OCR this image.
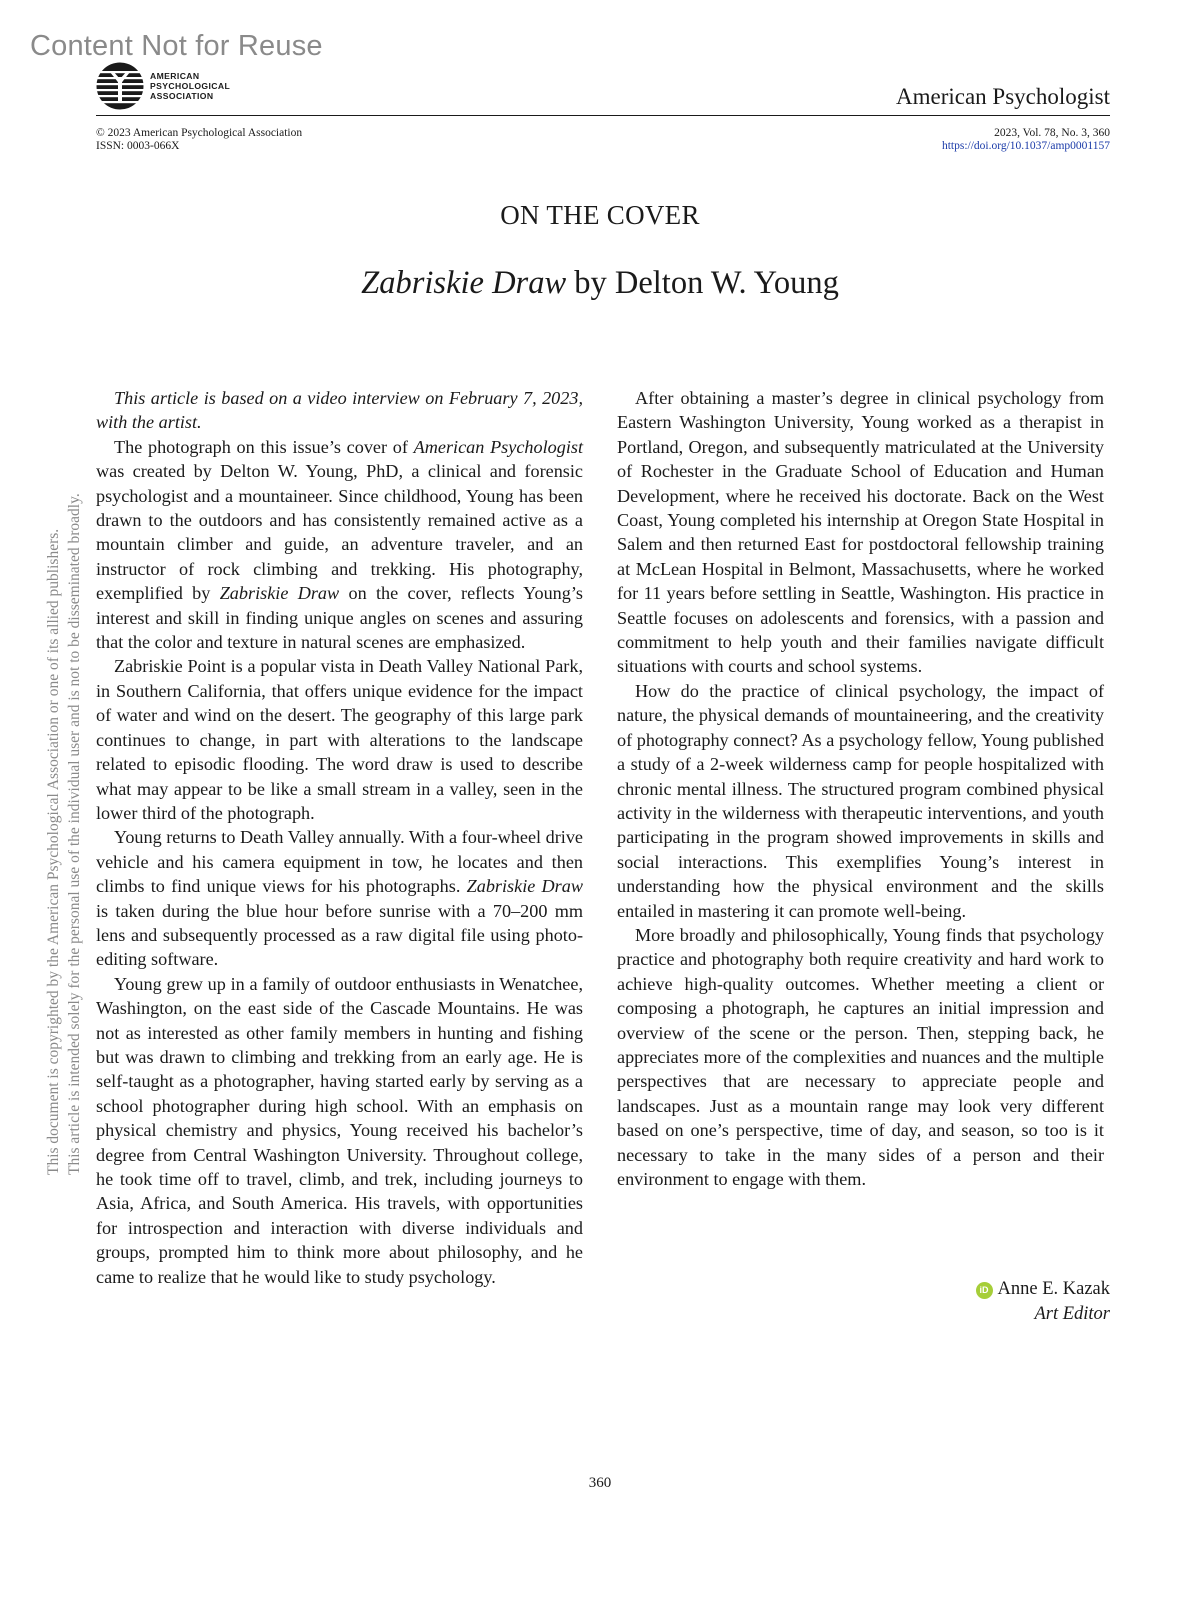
Content Not for Reuse
This document is copyrighted by the American Psychological Association or one of its allied publishers. This article is intended solely for the personal use of the individual user and is not to be disseminated broadly.
AMERICAN
PSYCHOLOGICAL
ASSOCIATION	American Psychologist
© 2023 American Psychological Association
ISSN: 0003-066X
2023, Vol. 78, No. 3, 360
https://doi.org/10.1037/amp0001157
ON THE COVER
Zabriskie Draw by Delton W. Young

This article is based on a video interview on February 7, 2023, with the artist.

The photograph on this issue’s cover of American Psychologist was created by Delton W. Young, PhD, a clinical and forensic psychologist and a mountaineer. Since childhood, Young has been drawn to the outdoors and has consistently remained active as a mountain climber and guide, an adventure traveler, and an instructor of rock climbing and trekking. His photography, exemplified by Zabriskie Draw on the cover, reflects Young’s interest and skill in finding unique angles on scenes and assuring that the color and texture in natural scenes are emphasized.

Zabriskie Point is a popular vista in Death Valley National Park, in Southern California, that offers unique evidence for the impact of water and wind on the desert. The geography of this large park continues to change, in part with alterations to the landscape related to episodic flooding. The word draw is used to describe what may appear to be like a small stream in a valley, seen in the lower third of the photograph.

Young returns to Death Valley annually. With a four-wheel drive vehicle and his camera equipment in tow, he locates and then climbs to find unique views for his photographs. Zabriskie Draw is taken during the blue hour before sunrise with a 70–200 mm lens and subsequently processed as a raw digital file using photo-editing software.

Young grew up in a family of outdoor enthusiasts in Wenatchee, Washington, on the east side of the Cascade Mountains. He was not as interested as other family members in hunting and fishing but was drawn to climbing and trekking from an early age. He is self-taught as a photographer, having started early by serving as a school photographer during high school. With an emphasis on physical chemistry and physics, Young received his bachelor’s degree from Central Washington University. Throughout college, he took time off to travel, climb, and trek, including journeys to Asia, Africa, and South America. His travels, with opportunities for introspection and interaction with diverse individuals and groups, prompted him to think more about philosophy, and he came to realize that he would like to study psychology.

After obtaining a master’s degree in clinical psychology from Eastern Washington University, Young worked as a therapist in Portland, Oregon, and subsequently matriculated at the University of Rochester in the Graduate School of Education and Human Development, where he received his doctorate. Back on the West Coast, Young completed his internship at Oregon State Hospital in Salem and then returned East for postdoctoral fellowship training at McLean Hospital in Belmont, Massachusetts, where he worked for 11 years before settling in Seattle, Washington. His practice in Seattle focuses on adolescents and forensics, with a passion and commitment to help youth and their families navigate difficult situations with courts and school systems.

How do the practice of clinical psychology, the impact of nature, the physical demands of mountaineering, and the creativity of photography connect? As a psychology fellow, Young published a study of a 2-week wilderness camp for people hospitalized with chronic mental illness. The structured program combined physical activity in the wilderness with therapeutic interventions, and youth participating in the program showed improvements in skills and social interactions. This exemplifies Young’s interest in understanding how the physical environment and the skills entailed in mastering it can promote well-being.

More broadly and philosophically, Young finds that psychology practice and photography both require creativity and hard work to achieve high-quality outcomes. Whether meeting a client or composing a photograph, he captures an initial impression and overview of the scene or the person. Then, stepping back, he appreciates more of the complexities and nuances and the multiple perspectives that are necessary to appreciate people and landscapes. Just as a mountain range may look very different based on one’s perspective, time of day, and season, so too is it necessary to take in the many sides of a person and their environment to engage with them.

iD Anne E. Kazak
Art Editor
360
